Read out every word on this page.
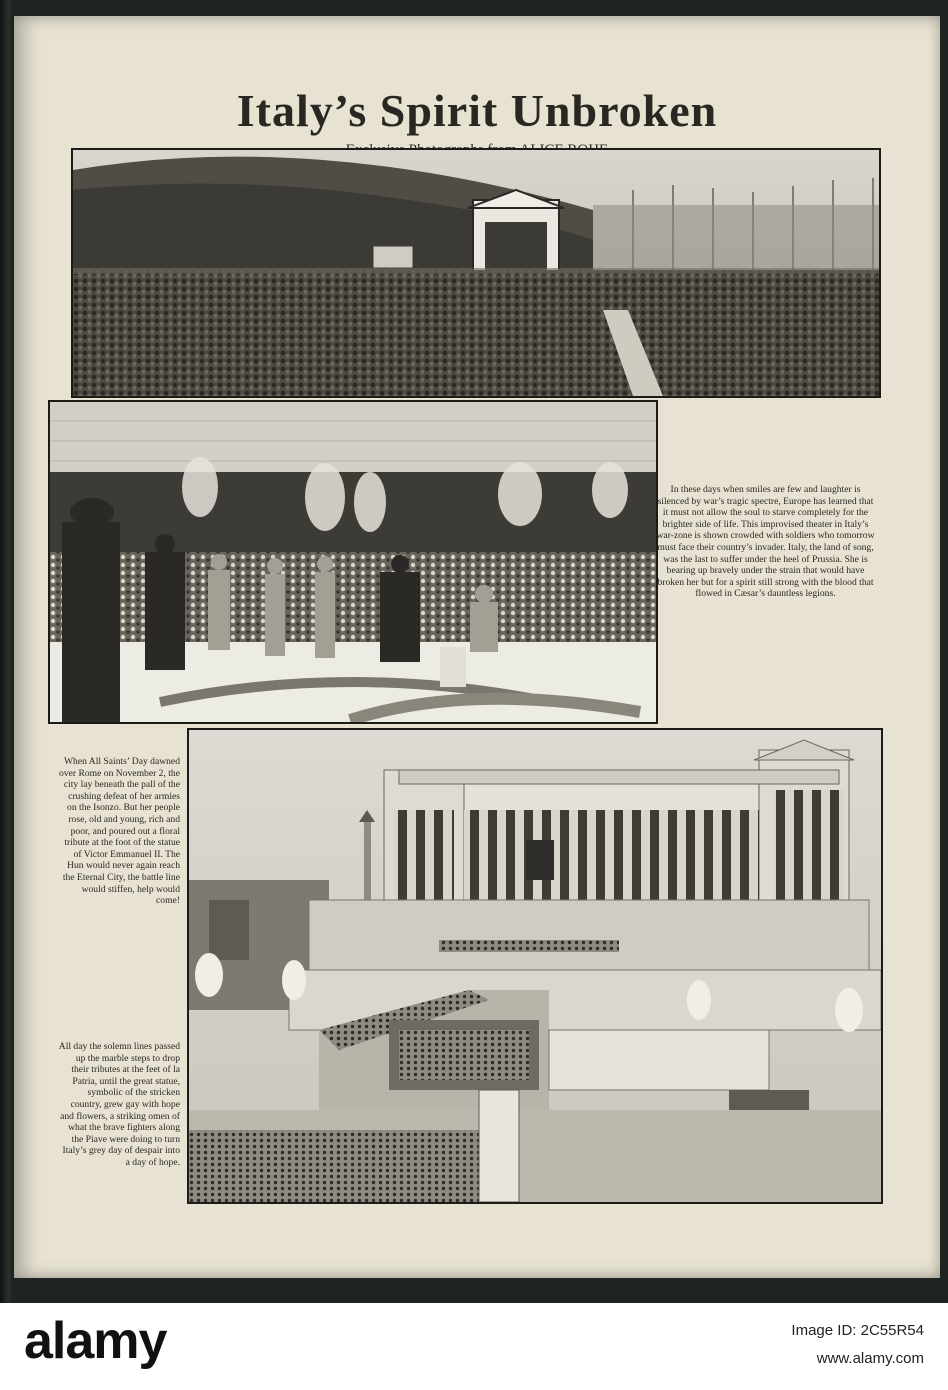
Italy’s Spirit Unbroken

In these days when smiles are few and laughter is silenced by war’s tragic spectre, Europe has learned that it must not allow the soul to starve completely for the brighter side of life. This improvised theater in Italy’s war-zone is shown crowded with soldiers who tomorrow must face their country’s invader. Italy, the land of song, was the last to suffer under the heel of Prussia. She is bearing up bravely under the strain that would have broken her but for a spirit still strong with the blood that flowed in Cæsar’s dauntless legions.

When All Saints’ Day dawned over Rome on November 2, the city lay beneath the pall of the crushing defeat of her armies on the Isonzo. But her people rose, old and young, rich and poor, and poured out a floral tribute at the foot of the statue of Victor Emmanuel II. The Hun would never again reach the Eternal City, the battle line would stiffen, help would come!

All day the solemn lines passed up the marble steps to drop their tributes at the feet of la Patria, until the great statue, symbolic of the stricken country, grew gay with hope and flowers, a striking omen of what the brave fighters along the Piave were doing to turn Italy’s grey day of despair into a day of hope.

alamy	Image ID: 2C55R54
www.alamy.com
